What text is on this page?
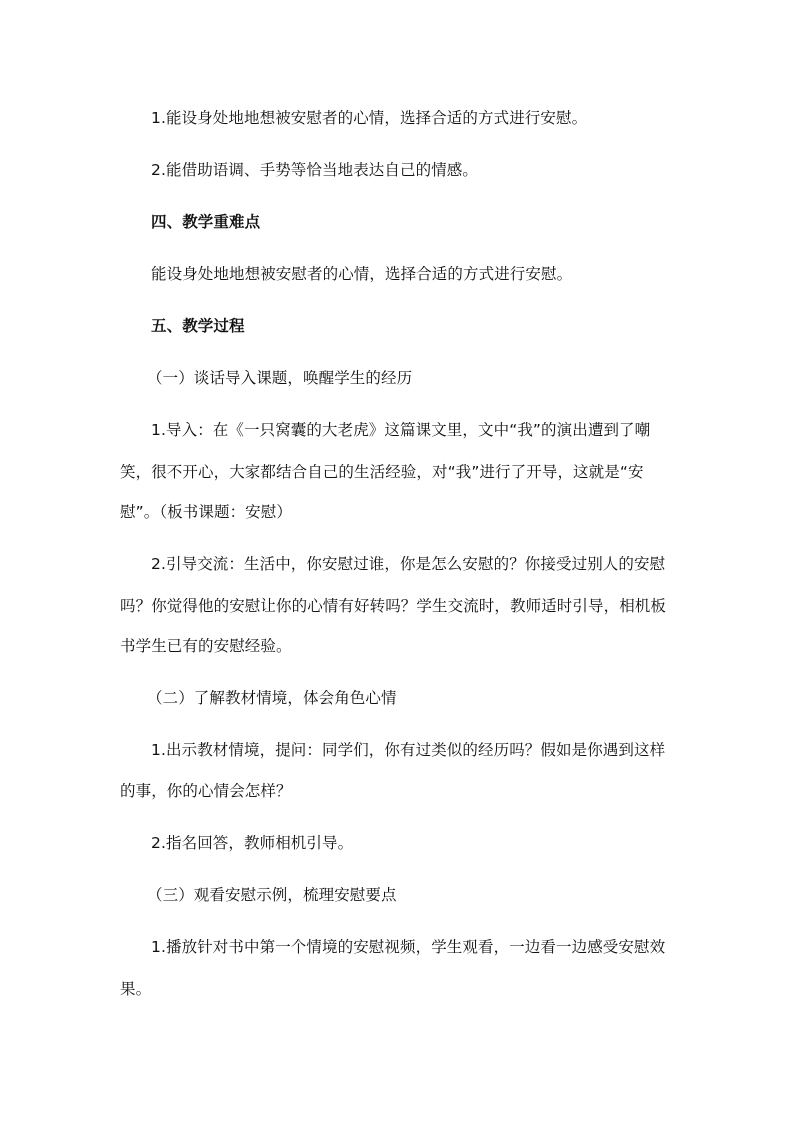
1.能设身处地地想被安慰者的心情，选择合适的方式进行安慰。
2.能借助语调、手势等恰当地表达自己的情感。
四、教学重难点
能设身处地地想被安慰者的心情，选择合适的方式进行安慰。
五、教学过程
（一）谈话导入课题，唤醒学生的经历
1.导入：在《一只窝囊的大老虎》这篇课文里，文中“我”的演出遭到了嘲
笑，很不开心，大家都结合自己的生活经验，对“我”进行了开导，这就是“安
慰”。（板书课题：安慰）
2.引导交流：生活中，你安慰过谁，你是怎么安慰的？你接受过别人的安慰
吗？你觉得他的安慰让你的心情有好转吗？学生交流时，教师适时引导，相机板
书学生已有的安慰经验。
（二）了解教材情境，体会角色心情
1.出示教材情境，提问：同学们，你有过类似的经历吗？假如是你遇到这样
的事，你的心情会怎样？
2.指名回答，教师相机引导。
（三）观看安慰示例，梳理安慰要点
1.播放针对书中第一个情境的安慰视频，学生观看，一边看一边感受安慰效
果。
